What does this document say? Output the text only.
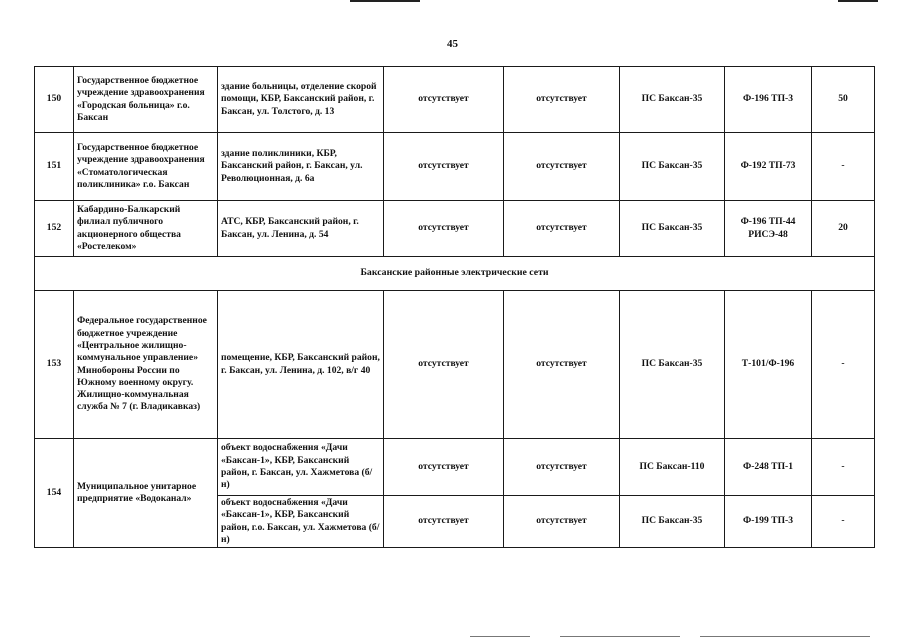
45
150	Государственное бюджетное учреждение здравоохранения «Городская больница» г.о. Баксан	здание больницы, отделение скорой помощи, КБР, Баксанский район, г. Баксан, ул. Толстого, д. 13	отсутствует	отсутствует	ПС Баксан-35	Ф-196 ТП-3	50
151	Государственное бюджетное учреждение здравоохранения «Стоматологическая поликлиника» г.о. Баксан	здание поликлиники, КБР, Баксанский район, г. Баксан, ул. Революционная, д. 6а	отсутствует	отсутствует	ПС Баксан-35	Ф-192 ТП-73	-
152	Кабардино-Балкарский филиал публичного акционерного общества «Ростелеком»	АТС, КБР, Баксанский район, г. Баксан, ул. Ленина, д. 54	отсутствует	отсутствует	ПС Баксан-35	Ф-196 ТП-44 РИСЭ-48	20
Баксанские районные электрические сети							
153	Федеральное государственное бюджетное учреждение «Центральное жилищно-коммунальное управление» Минобороны России по Южному военному округу. Жилищно-коммунальная служба № 7 (г. Владикавказ)	помещение, КБР, Баксанский район, г. Баксан, ул. Ленина, д. 102, в/г 40	отсутствует	отсутствует	ПС Баксан-35	Т-101/Ф-196	-
154	Муниципальное унитарное предприятие «Водоканал»	объект водоснабжения «Дачи «Баксан-1», КБР, Баксанский район, г. Баксан, ул. Хажметова (б/н)	отсутствует	отсутствует	ПС Баксан-110	Ф-248 ТП-1	-
		объект водоснабжения «Дачи «Баксан-1», КБР, Баксанский район, г.о. Баксан, ул. Хажметова (б/н)	отсутствует	отсутствует	ПС Баксан-35	Ф-199 ТП-3	-
